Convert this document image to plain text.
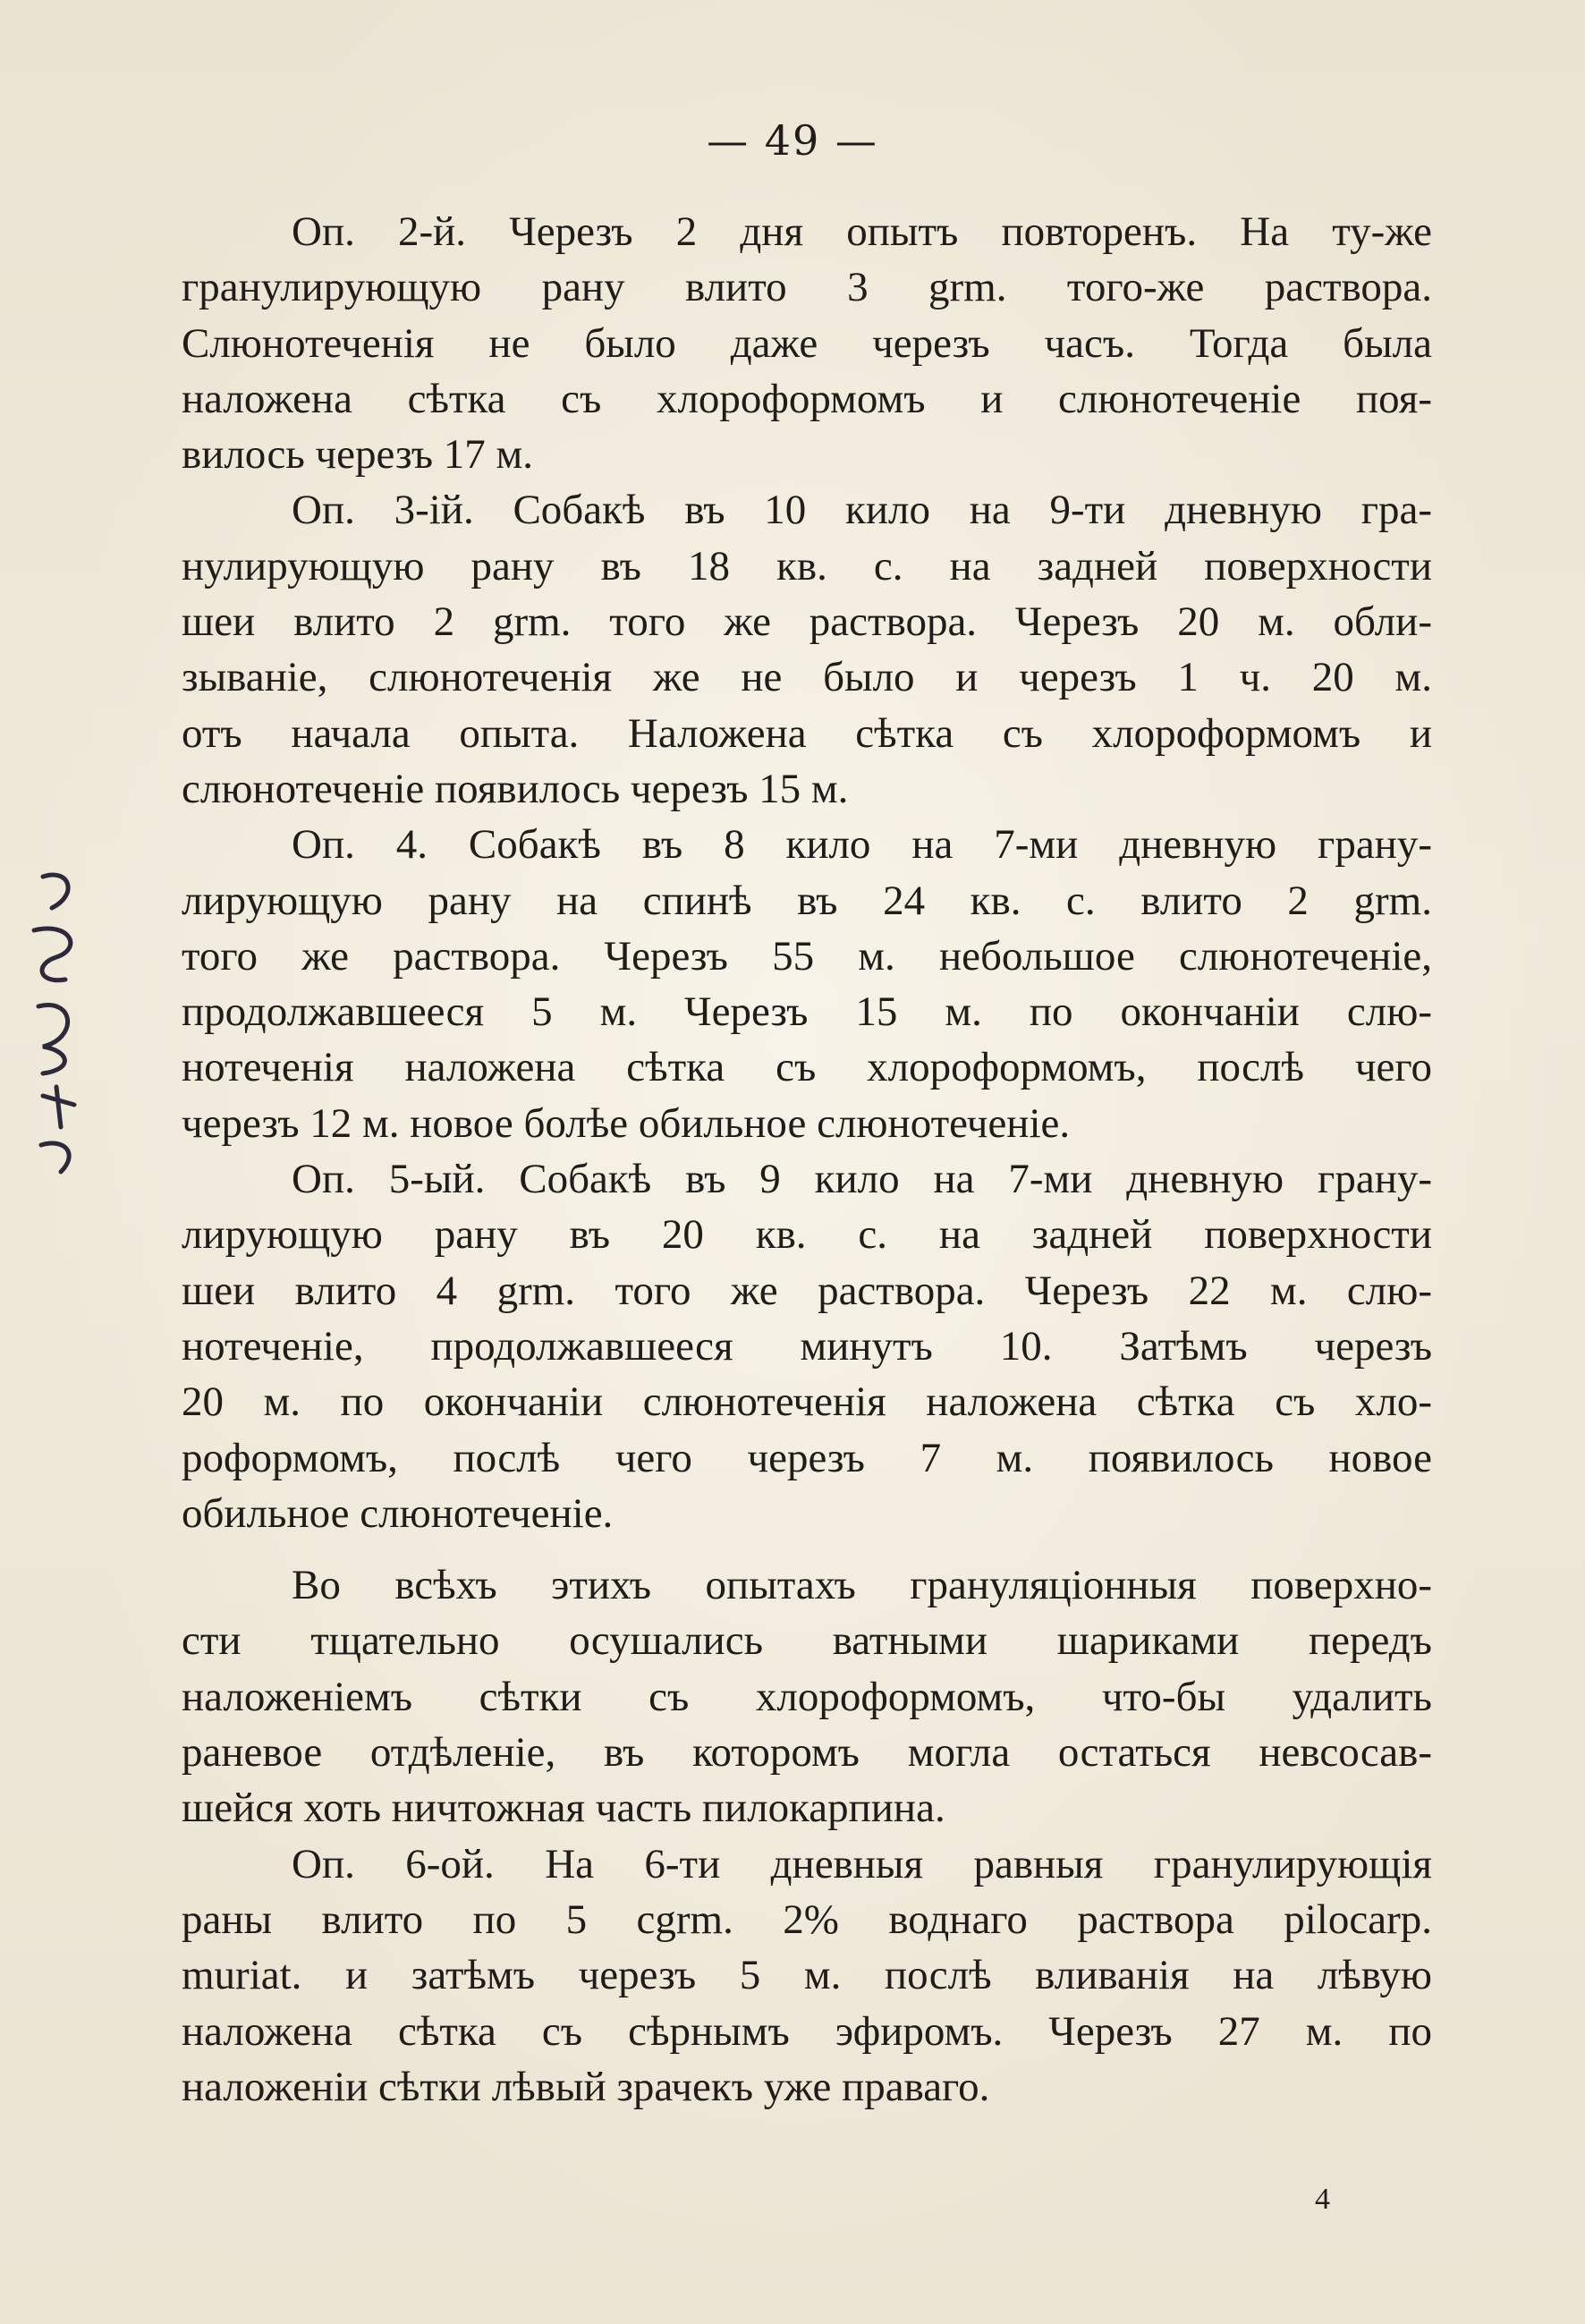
— 49 —
Оп. 2-й. Черезъ 2 дня опытъ повторенъ. На ту-же
гранулирующую рану влито 3 grm. того-же раствора.
Слюнотеченія не было даже черезъ часъ. Тогда была
наложена сѣтка съ хлороформомъ и слюнотеченіе поя-
вилось черезъ 17 м.
Оп. 3-ій. Собакѣ въ 10 кило на 9-ти дневную гра-
нулирующую рану въ 18 кв. с. на задней поверхности
шеи влито 2 grm. того же раствора. Черезъ 20 м. обли-
зываніе, слюнотеченія же не было и черезъ 1 ч. 20 м.
отъ начала опыта. Наложена сѣтка съ хлороформомъ и
слюнотеченіе появилось черезъ 15 м.
Оп. 4. Собакѣ въ 8 кило на 7-ми дневную грану-
лирующую рану на спинѣ въ 24 кв. с. влито 2 grm.
того же раствора. Черезъ 55 м. небольшое слюнотеченіе,
продолжавшееся 5 м. Черезъ 15 м. по окончаніи слю-
нотеченія наложена сѣтка съ хлороформомъ, послѣ чего
черезъ 12 м. новое болѣе обильное слюнотеченіе.
Оп. 5-ый. Собакѣ въ 9 кило на 7-ми дневную грану-
лирующую рану въ 20 кв. с. на задней поверхности
шеи влито 4 grm. того же раствора. Черезъ 22 м. слю-
нотеченіе, продолжавшееся минутъ 10. Затѣмъ черезъ
20 м. по окончаніи слюнотеченія наложена сѣтка съ хло-
роформомъ, послѣ чего черезъ 7 м. появилось новое
обильное слюнотеченіе.
Во всѣхъ этихъ опытахъ грануляціонныя поверхно-
сти тщательно осушались ватными шариками передъ
наложеніемъ сѣтки съ хлороформомъ, что-бы удалить
раневое отдѣленіе, въ которомъ могла остаться невсосав-
шейся хоть ничтожная часть пилокарпина.
Оп. 6-ой. На 6-ти дневныя равныя гранулирующія
раны влито по 5 cgrm. 2% воднаго раствора pilocarp.
muriat. и затѣмъ черезъ 5 м. послѣ вливанія на лѣвую
наложена сѣтка съ сѣрнымъ эфиромъ. Черезъ 27 м. по
наложеніи сѣтки лѣвый зрачекъ уже праваго.
4
